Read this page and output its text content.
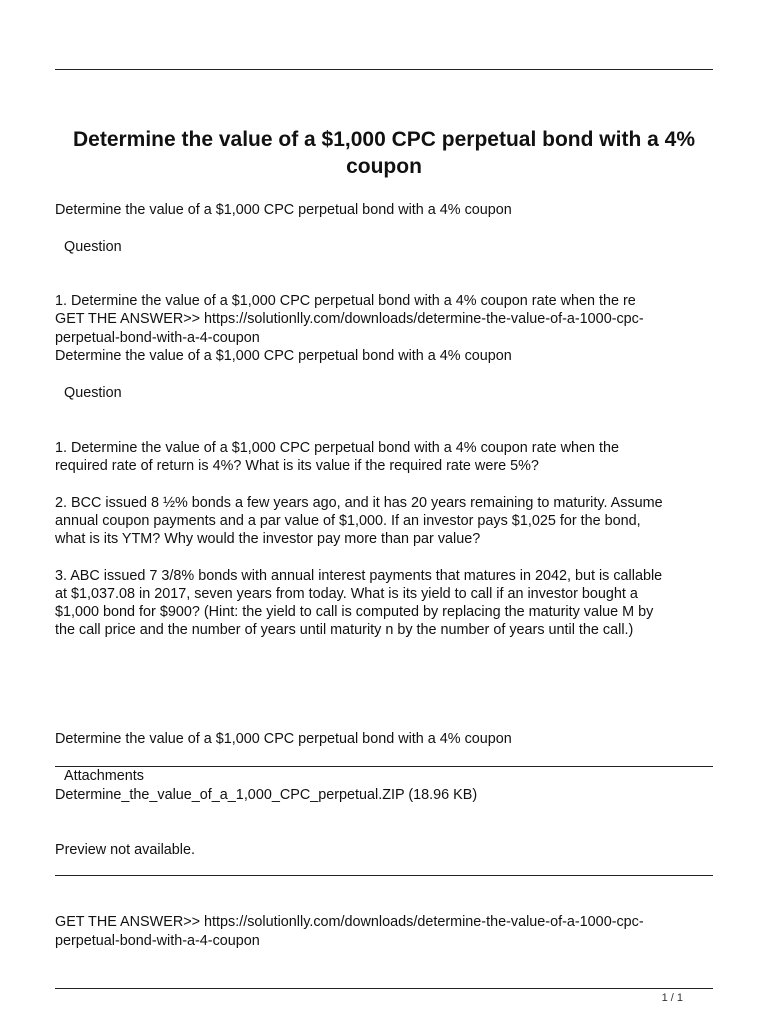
Determine the value of a $1,000 CPC perpetual bond with a 4% coupon

Determine the value of a $1,000 CPC perpetual bond with a 4% coupon

Question

1. Determine the value of a $1,000 CPC perpetual bond with a 4% coupon rate when the re

GET THE ANSWER>> https://solutionlly.com/downloads/determine-the-value-of-a-1000-cpc-

perpetual-bond-with-a-4-coupon

Determine the value of a $1,000 CPC perpetual bond with a 4% coupon

Question

1. Determine the value of a $1,000 CPC perpetual bond with a 4% coupon rate when the

required rate of return is 4%? What is its value if the required rate were 5%?

2. BCC issued 8 ½% bonds a few years ago, and it has 20 years remaining to maturity. Assume

annual coupon payments and a par value of $1,000. If an investor pays $1,025 for the bond,

what is its YTM? Why would the investor pay more than par value?

3. ABC issued 7 3/8% bonds with annual interest payments that matures in 2042, but is callable

at $1,037.08 in 2017, seven years from today. What is its yield to call if an investor bought a

$1,000 bond for $900? (Hint: the yield to call is computed by replacing the maturity value M by

the call price and the number of years until maturity n by the number of years until the call.)

Determine the value of a $1,000 CPC perpetual bond with a 4% coupon

Attachments

Determine_the_value_of_a_1,000_CPC_perpetual.ZIP (18.96 KB)

Preview not available.

GET THE ANSWER>> https://solutionlly.com/downloads/determine-the-value-of-a-1000-cpc-

perpetual-bond-with-a-4-coupon

1 / 1
